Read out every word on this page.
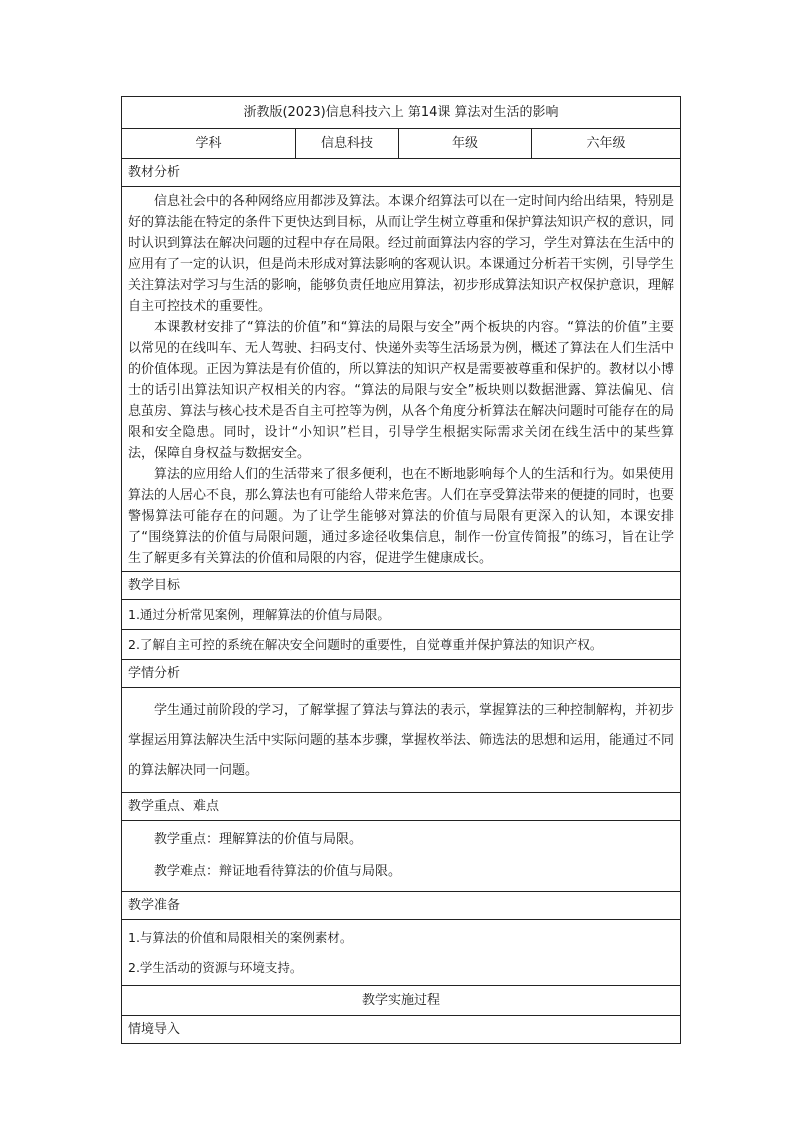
浙教版(2023)信息科技六上 第14课 算法对生活的影响
学科	信息科技	年级	六年级
教材分析

信息社会中的各种网络应用都涉及算法。本课介绍算法可以在一定时间内给出结果，特别是好的算法能在特定的条件下更快达到目标，从而让学生树立尊重和保护算法知识产权的意识，同时认识到算法在解决问题的过程中存在局限。经过前面算法内容的学习，学生对算法在生活中的应用有了一定的认识，但是尚未形成对算法影响的客观认识。本课通过分析若干实例，引导学生关注算法对学习与生活的影响，能够负责任地应用算法，初步形成算法知识产权保护意识，理解自主可控技术的重要性。

本课教材安排了“算法的价值”和“算法的局限与安全”两个板块的内容。“算法的价值”主要以常见的在线叫车、无人驾驶、扫码支付、快递外卖等生活场景为例，概述了算法在人们生活中的价值体现。正因为算法是有价值的，所以算法的知识产权是需要被尊重和保护的。教材以小博士的话引出算法知识产权相关的内容。“算法的局限与安全”板块则以数据泄露、算法偏见、信息茧房、算法与核心技术是否自主可控等为例，从各个角度分析算法在解决问题时可能存在的局限和安全隐患。同时，设计“小知识”栏目，引导学生根据实际需求关闭在线生活中的某些算法，保障自身权益与数据安全。

算法的应用给人们的生活带来了很多便利，也在不断地影响每个人的生活和行为。如果使用算法的人居心不良，那么算法也有可能给人带来危害。人们在享受算法带来的便捷的同时，也要警惕算法可能存在的问题。为了让学生能够对算法的价值与局限有更深入的认知，本课安排了“围绕算法的价值与局限问题，通过多途径收集信息，制作一份宣传简报”的练习，旨在让学生了解更多有关算法的价值和局限的内容，促进学生健康成长。

教学目标
1.通过分析常见案例，理解算法的价值与局限。
2.了解自主可控的系统在解决安全问题时的重要性，自觉尊重并保护算法的知识产权。
学情分析

学生通过前阶段的学习，了解掌握了算法与算法的表示，掌握算法的三种控制解构，并初步掌握运用算法解决生活中实际问题的基本步骤，掌握枚举法、筛选法的思想和运用，能通过不同的算法解决同一问题。

教学重点、难点
教学重点：理解算法的价值与局限。
教学难点：辩证地看待算法的价值与局限。
教学准备
1.与算法的价值和局限相关的案例素材。
2.学生活动的资源与环境支持。
教学实施过程
情境导入
